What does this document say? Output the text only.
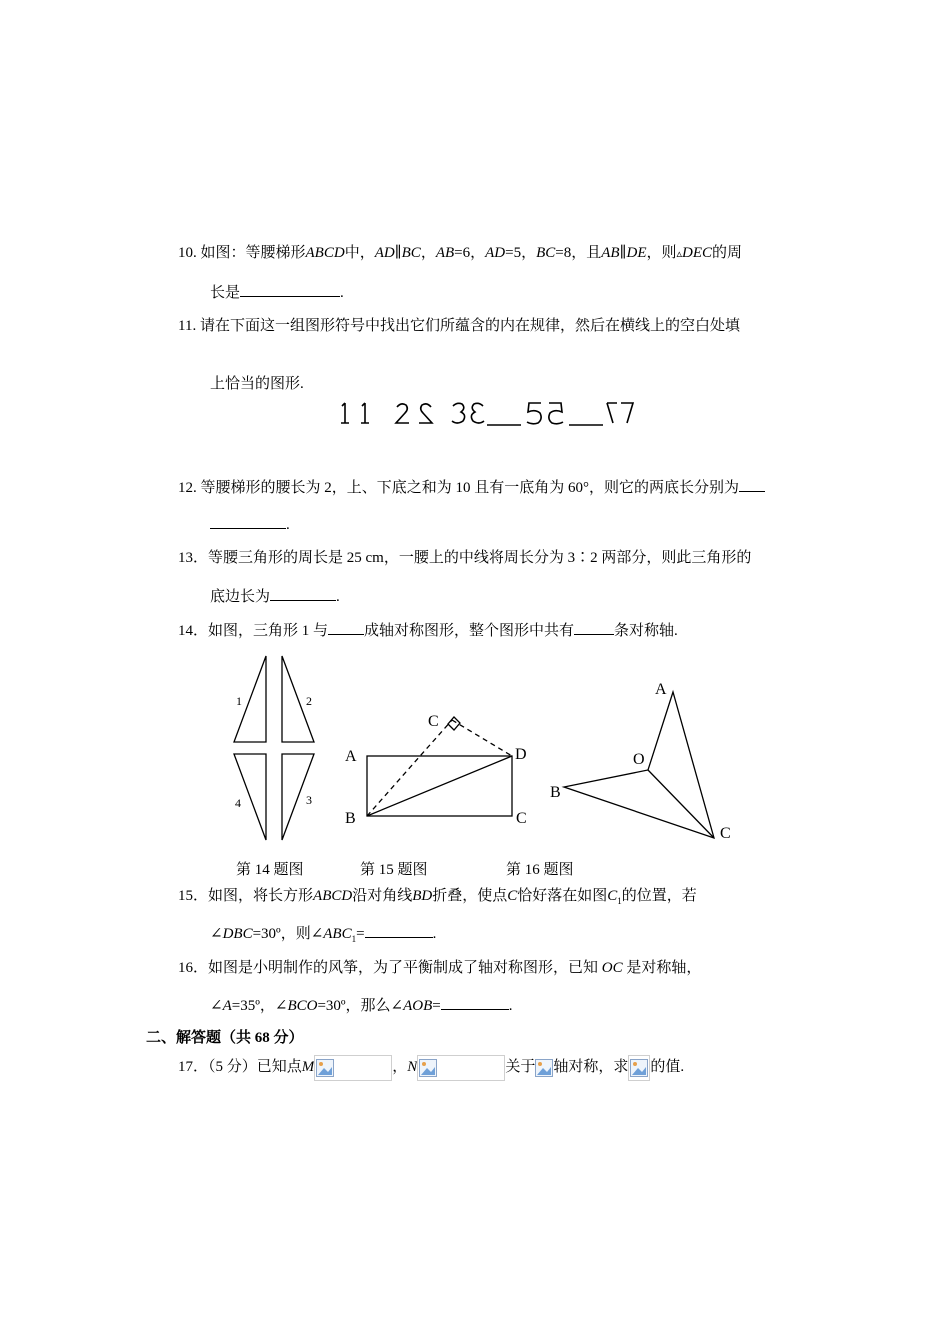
10. 如图：等腰梯形ABCD中，AD∥BC，AB=6，AD=5，BC=8，且AB∥DE，则▵DEC的周
长是	.
11. 请在下面这一组图形符号中找出它们所蕴含的内在规律，然后在横线上的空白处填
上恰当的图形.
12. 等腰梯形的腰长为 2，上、下底之和为 10 且有一底角为 60°，则它的两底长分别为
.
13．等腰三角形的周长是 25 cm，一腰上的中线将周长分为 3∶2 两部分，则此三角形的
底边长为	.
14．如图，三角形 1 与 成轴对称图形，整个图形中共有	条对称轴.
1	2
3
4
A
B	C
D
C
A
O
B
C
第 14 题图	第 15 题图	第 16 题图
15．如图，将长方形ABCD沿对角线BD折叠，使点C恰好落在如图$C_1$的位置，若
∠DBC=30º，则$\angle ABC_1=$	.
16．如图是小明制作的风筝，为了平衡制成了轴对称图形，已知 OC 是对称轴，
∠A=35º，∠BCO=30º，那么∠AOB=	.
二、解答题（共 68 分）
17．（5 分）已知点M	，N	关于 轴对称，求 的值.
